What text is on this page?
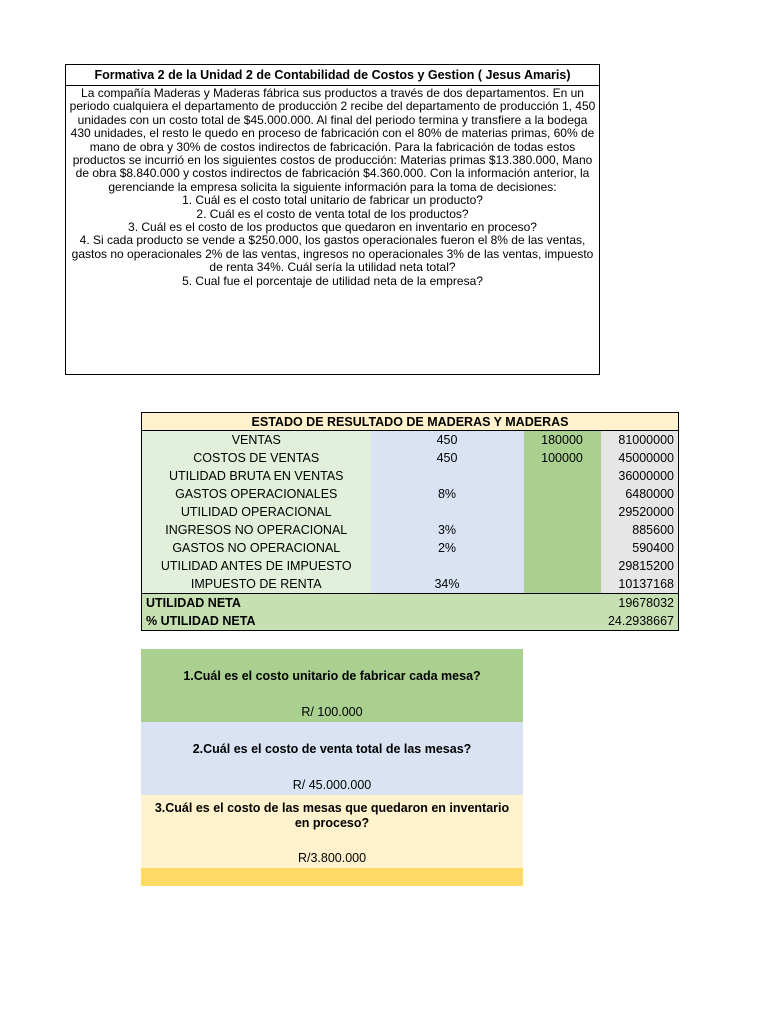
Formativa 2 de la Unidad 2 de Contabilidad de Costos y Gestion ( Jesus Amaris)

La compañía Maderas y Maderas fábrica sus productos a través de dos departamentos. En un periodo cualquiera el departamento de producción 2 recibe del departamento de producción 1, 450 unidades con un costo total de $45.000.000. Al final del periodo termina y transfiere a la bodega 430 unidades, el resto le quedo en proceso de fabricación con el 80% de materias primas, 60% de mano de obra y 30% de costos indirectos de fabricación. Para la fabricación de todas estos productos se incurrió en los siguientes costos de producción: Materias primas $13.380.000, Mano de obra $8.840.000 y costos indirectos de fabricación $4.360.000. Con la información anterior, la gerenciande la empresa solicita la siguiente información para la toma de decisiones:

1. Cuál es el costo total unitario de fabricar un producto?
2. Cuál es el costo de venta total de los productos?
3. Cuál es el costo de los productos que quedaron en inventario en proceso?
4. Si cada producto se vende a $250.000, los gastos operacionales fueron el 8% de las ventas, gastos no operacionales 2% de las ventas, ingresos no operacionales 3% de las ventas, impuesto de renta 34%. Cuál sería la utilidad neta total?
5. Cual fue el porcentaje de utilidad neta de la empresa?
ESTADO DE RESULTADO DE MADERAS Y MADERAS			
VENTAS	450	180000	81000000
COSTOS DE VENTAS	450	100000	45000000
UTILIDAD BRUTA EN VENTAS			36000000
GASTOS OPERACIONALES	8%		6480000
UTILIDAD OPERACIONAL			29520000
INGRESOS NO OPERACIONAL	3%		885600
GASTOS NO OPERACIONAL	2%		590400
UTILIDAD ANTES DE IMPUESTO			29815200
IMPUESTO DE RENTA	34%		10137168
UTILIDAD NETA			19678032
% UTILIDAD NETA			24.2938667
1.Cuál es el costo unitario de fabricar cada mesa?
R/ 100.000
2.Cuál es el costo de venta total de las mesas?
R/ 45.000.000
3.Cuál es el costo de las mesas que quedaron en inventario en proceso?
R/3.800.000
